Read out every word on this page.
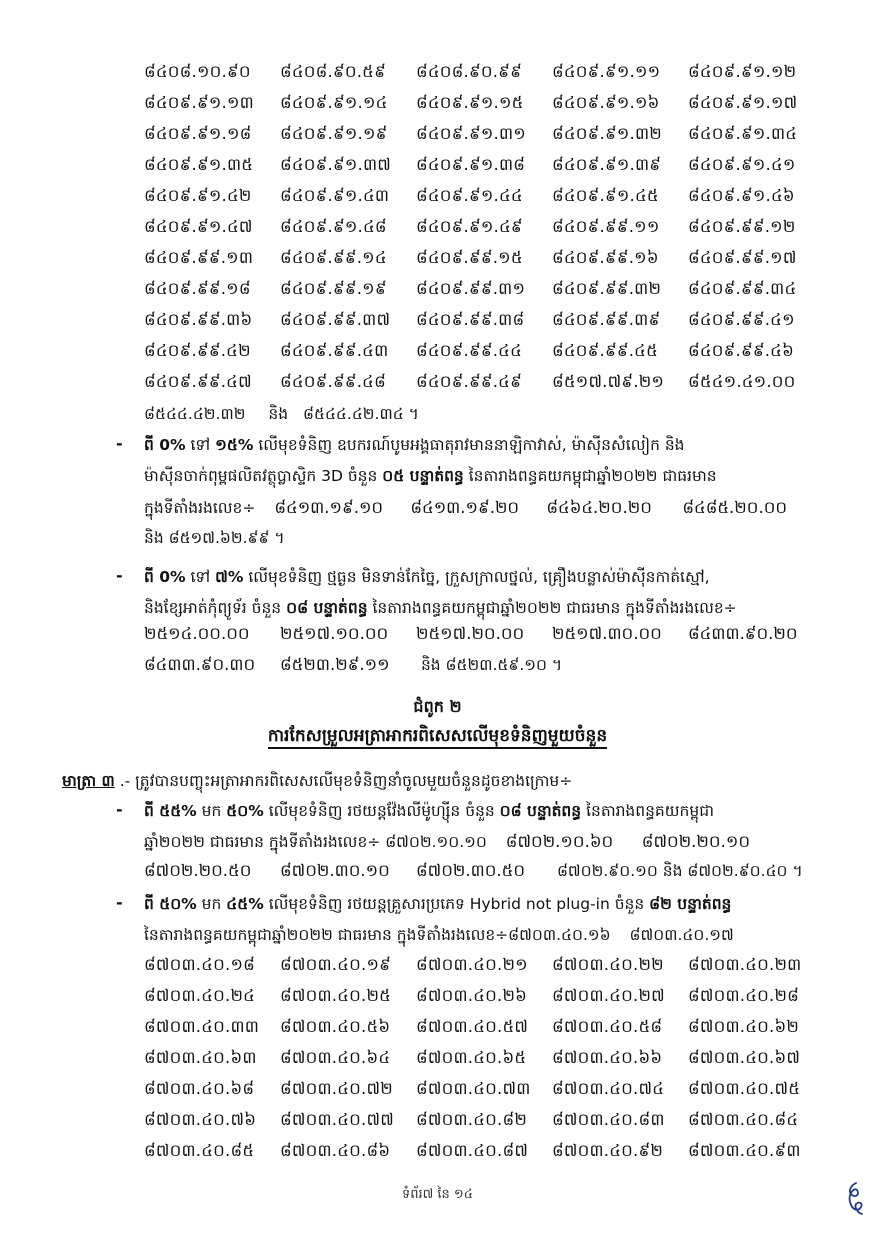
៨៤០៨.១០.៩០	៨៤០៨.៩០.៥៩	៨៤០៨.៩០.៩៩	៨៤០៩.៩១.១១	៨៤០៩.៩១.១២
៨៤០៩.៩១.១៣	៨៤០៩.៩១.១៤	៨៤០៩.៩១.១៥	៨៤០៩.៩១.១៦	៨៤០៩.៩១.១៧
៨៤០៩.៩១.១៨	៨៤០៩.៩១.១៩	៨៤០៩.៩១.៣១	៨៤០៩.៩១.៣២	៨៤០៩.៩១.៣៤
៨៤០៩.៩១.៣៥	៨៤០៩.៩១.៣៧	៨៤០៩.៩១.៣៨	៨៤០៩.៩១.៣៩	៨៤០៩.៩១.៤១
៨៤០៩.៩១.៤២	៨៤០៩.៩១.៤៣	៨៤០៩.៩១.៤៤	៨៤០៩.៩១.៤៥	៨៤០៩.៩១.៤៦
៨៤០៩.៩១.៤៧	៨៤០៩.៩១.៤៨	៨៤០៩.៩១.៤៩	៨៤០៩.៩៩.១១	៨៤០៩.៩៩.១២
៨៤០៩.៩៩.១៣	៨៤០៩.៩៩.១៤	៨៤០៩.៩៩.១៥	៨៤០៩.៩៩.១៦	៨៤០៩.៩៩.១៧
៨៤០៩.៩៩.១៨	៨៤០៩.៩៩.១៩	៨៤០៩.៩៩.៣១	៨៤០៩.៩៩.៣២	៨៤០៩.៩៩.៣៤
៨៤០៩.៩៩.៣៦	៨៤០៩.៩៩.៣៧	៨៤០៩.៩៩.៣៨	៨៤០៩.៩៩.៣៩	៨៤០៩.៩៩.៤១
៨៤០៩.៩៩.៤២	៨៤០៩.៩៩.៤៣	៨៤០៩.៩៩.៤៤	៨៤០៩.៩៩.៤៥	៨៤០៩.៩៩.៤៦
៨៤០៩.៩៩.៤៧	៨៤០៩.៩៩.៤៨	៨៤០៩.៩៩.៤៩	៨៥១៧.៧៩.២១	៨៥៤១.៤១.០០
៨៥៤៤.៤២.៣២ និង ៨៥៤៤.៤២.៣៤ ។
- ពី 0% ទៅ ១៥% លើមុខទំនិញ ឧបករណ៍បូមអង្គធាតុរាវមាននាឡិកាវាស់, ម៉ាស៊ីនសំលៀក និង
ម៉ាស៊ីនចាក់ពុម្ពផលិតវត្ថុប្លាស្ទិក 3D ចំនួន ០៥ បន្ទាត់ពន្ធ នៃតារាងពន្ធគយកម្ពុជាឆ្នាំ២០២២ ជាធរមាន
ក្នុងទីតាំងរងលេខ÷ ៨៤១៣.១៩.១០ ៨៤១៣.១៩.២០ ៨៤៦៤.២០.២០ ៨៤៨៥.២០.០០
និង ៨៥១៧.៦២.៩៩ ។
- ពី 0% ទៅ ៧% លើមុខទំនិញ ថ្មធ្ងន មិនទាន់កែច្នៃ, ក្រួសក្រាលថ្នល់, គ្រឿងបន្លាស់ម៉ាស៊ីនកាត់ស្មៅ,
និងខ្សែអាត់កុំព្យូទ័រ ចំនួន ០៨ បន្ទាត់ពន្ធ នៃតារាងពន្ធគយកម្ពុជាឆ្នាំ២០២២ ជាធរមាន ក្នុងទីតាំងរងលេខ÷
២៥១៤.០០.០០ ២៥១៧.១០.០០ ២៥១៧.២០.០០ ២៥១៧.៣០.០០ ៨៤៣៣.៩០.២០
៨៤៣៣.៩០.៣០ ៨៥២៣.២៩.១១ និង ៨៥២៣.៥៩.១០ ។
ជំពូក ២
ការកែសម្រួលអត្រាអាករពិសេសលើមុខទំនិញមួយចំនួន
មាត្រា ៣ .- ត្រូវបានបញ្ចុះអត្រាអាករពិសេសលើមុខទំនិញនាំចូលមួយចំនួនដូចខាងក្រោម÷
- ពី ៥៥% មក ៥០% លើមុខទំនិញ រថយន្តវ៉ែងលីម៉ូហ្ស៊ីន ចំនួន ០៨ បន្ទាត់ពន្ធ នៃតារាងពន្ធគយកម្ពុជា
ឆ្នាំ២០២២ ជាធរមាន ក្នុងទីតាំងរងលេខ÷ ៨៧០២.១០.១០ ៨៧០២.១០.៦០ ៨៧០២.២០.១០
៨៧០២.២០.៥០ ៨៧០២.៣០.១០ ៨៧០២.៣០.៥០ ៨៧០២.៩០.១០ និង ៨៧០២.៩០.៤០ ។
- ពី ៥០% មក ៤៥% លើមុខទំនិញ រថយន្តគ្រួសារប្រភេទ Hybrid not plug-in ចំនួន ៨២ បន្ទាត់ពន្ធ
នៃតារាងពន្ធគយកម្ពុជាឆ្នាំ២០២២ ជាធរមាន ក្នុងទីតាំងរងលេខ÷៨៧០៣.៤០.១៦ ៨៧០៣.៤០.១៧
៨៧០៣.៤០.១៨	៨៧០៣.៤០.១៩	៨៧០៣.៤០.២១	៨៧០៣.៤០.២២	៨៧០៣.៤០.២៣
៨៧០៣.៤០.២៤	៨៧០៣.៤០.២៥	៨៧០៣.៤០.២៦	៨៧០៣.៤០.២៧	៨៧០៣.៤០.២៨
៨៧០៣.៤០.៣៣	៨៧០៣.៤០.៥៦	៨៧០៣.៤០.៥៧	៨៧០៣.៤០.៥៨	៨៧០៣.៤០.៦២
៨៧០៣.៤០.៦៣	៨៧០៣.៤០.៦៤	៨៧០៣.៤០.៦៥	៨៧០៣.៤០.៦៦	៨៧០៣.៤០.៦៧
៨៧០៣.៤០.៦៨	៨៧០៣.៤០.៧២	៨៧០៣.៤០.៧៣	៨៧០៣.៤០.៧៤	៨៧០៣.៤០.៧៥
៨៧០៣.៤០.៧៦	៨៧០៣.៤០.៧៧	៨៧០៣.៤០.៨២	៨៧០៣.៤០.៨៣	៨៧០៣.៤០.៨៤
៨៧០៣.៤០.៨៥	៨៧០៣.៤០.៨៦	៨៧០៣.៤០.៨៧	៨៧០៣.៤០.៩២	៨៧០៣.៤០.៩៣
ទំព័រ៧ នៃ ១៤
